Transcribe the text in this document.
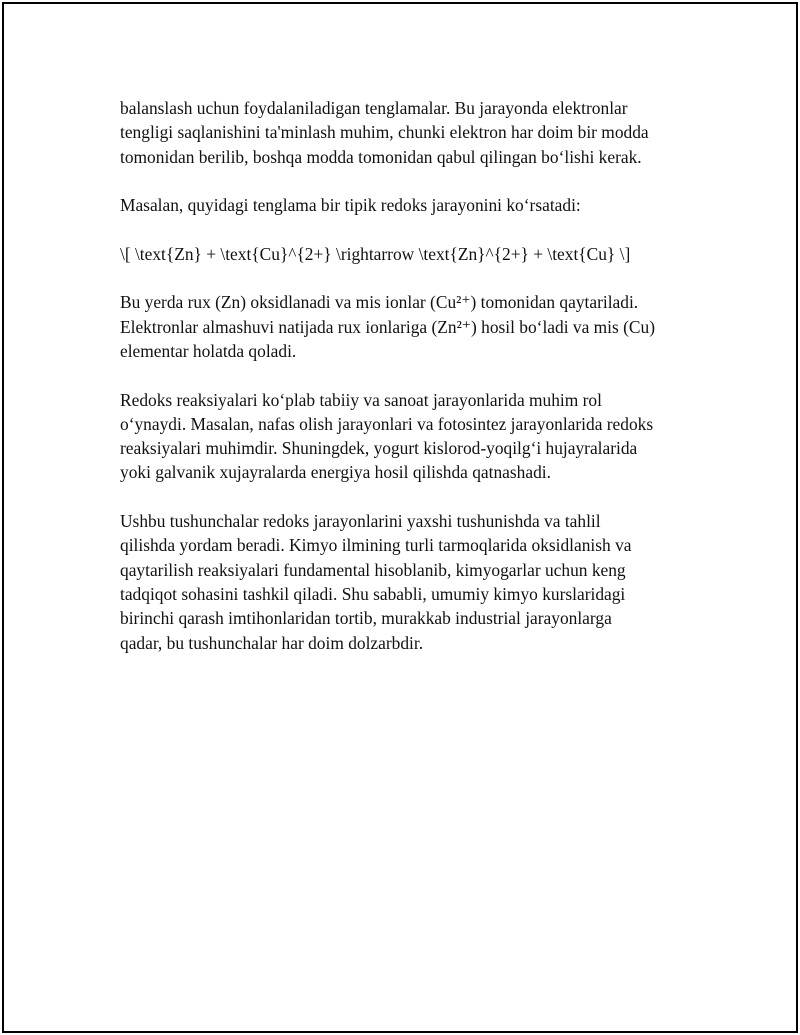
balanslash uchun foydalaniladigan tenglamalar. Bu jarayonda elektronlar
tengligi saqlanishini ta'minlash muhim, chunki elektron har doim bir modda
tomonidan berilib, boshqa modda tomonidan qabul qilingan bo‘lishi kerak.

Masalan, quyidagi tenglama bir tipik redoks jarayonini ko‘rsatadi:

\[ \text{Zn} + \text{Cu}^{2+} \rightarrow \text{Zn}^{2+} + \text{Cu} \]

Bu yerda rux (Zn) oksidlanadi va mis ionlar (Cu²⁺) tomonidan qaytariladi.
Elektronlar almashuvi natijada rux ionlariga (Zn²⁺) hosil bo‘ladi va mis (Cu)
elementar holatda qoladi.

Redoks reaksiyalari ko‘plab tabiiy va sanoat jarayonlarida muhim rol
o‘ynaydi. Masalan, nafas olish jarayonlari va fotosintez jarayonlarida redoks
reaksiyalari muhimdir. Shuningdek, yogurt kislorod-yoqilg‘i hujayralarida
yoki galvanik xujayralarda energiya hosil qilishda qatnashadi.

Ushbu tushunchalar redoks jarayonlarini yaxshi tushunishda va tahlil
qilishda yordam beradi. Kimyo ilmining turli tarmoqlarida oksidlanish va
qaytarilish reaksiyalari fundamental hisoblanib, kimyogarlar uchun keng
tadqiqot sohasini tashkil qiladi. Shu sababli, umumiy kimyo kurslaridagi
birinchi qarash imtihonlaridan tortib, murakkab industrial jarayonlarga
qadar, bu tushunchalar har doim dolzarbdir.
